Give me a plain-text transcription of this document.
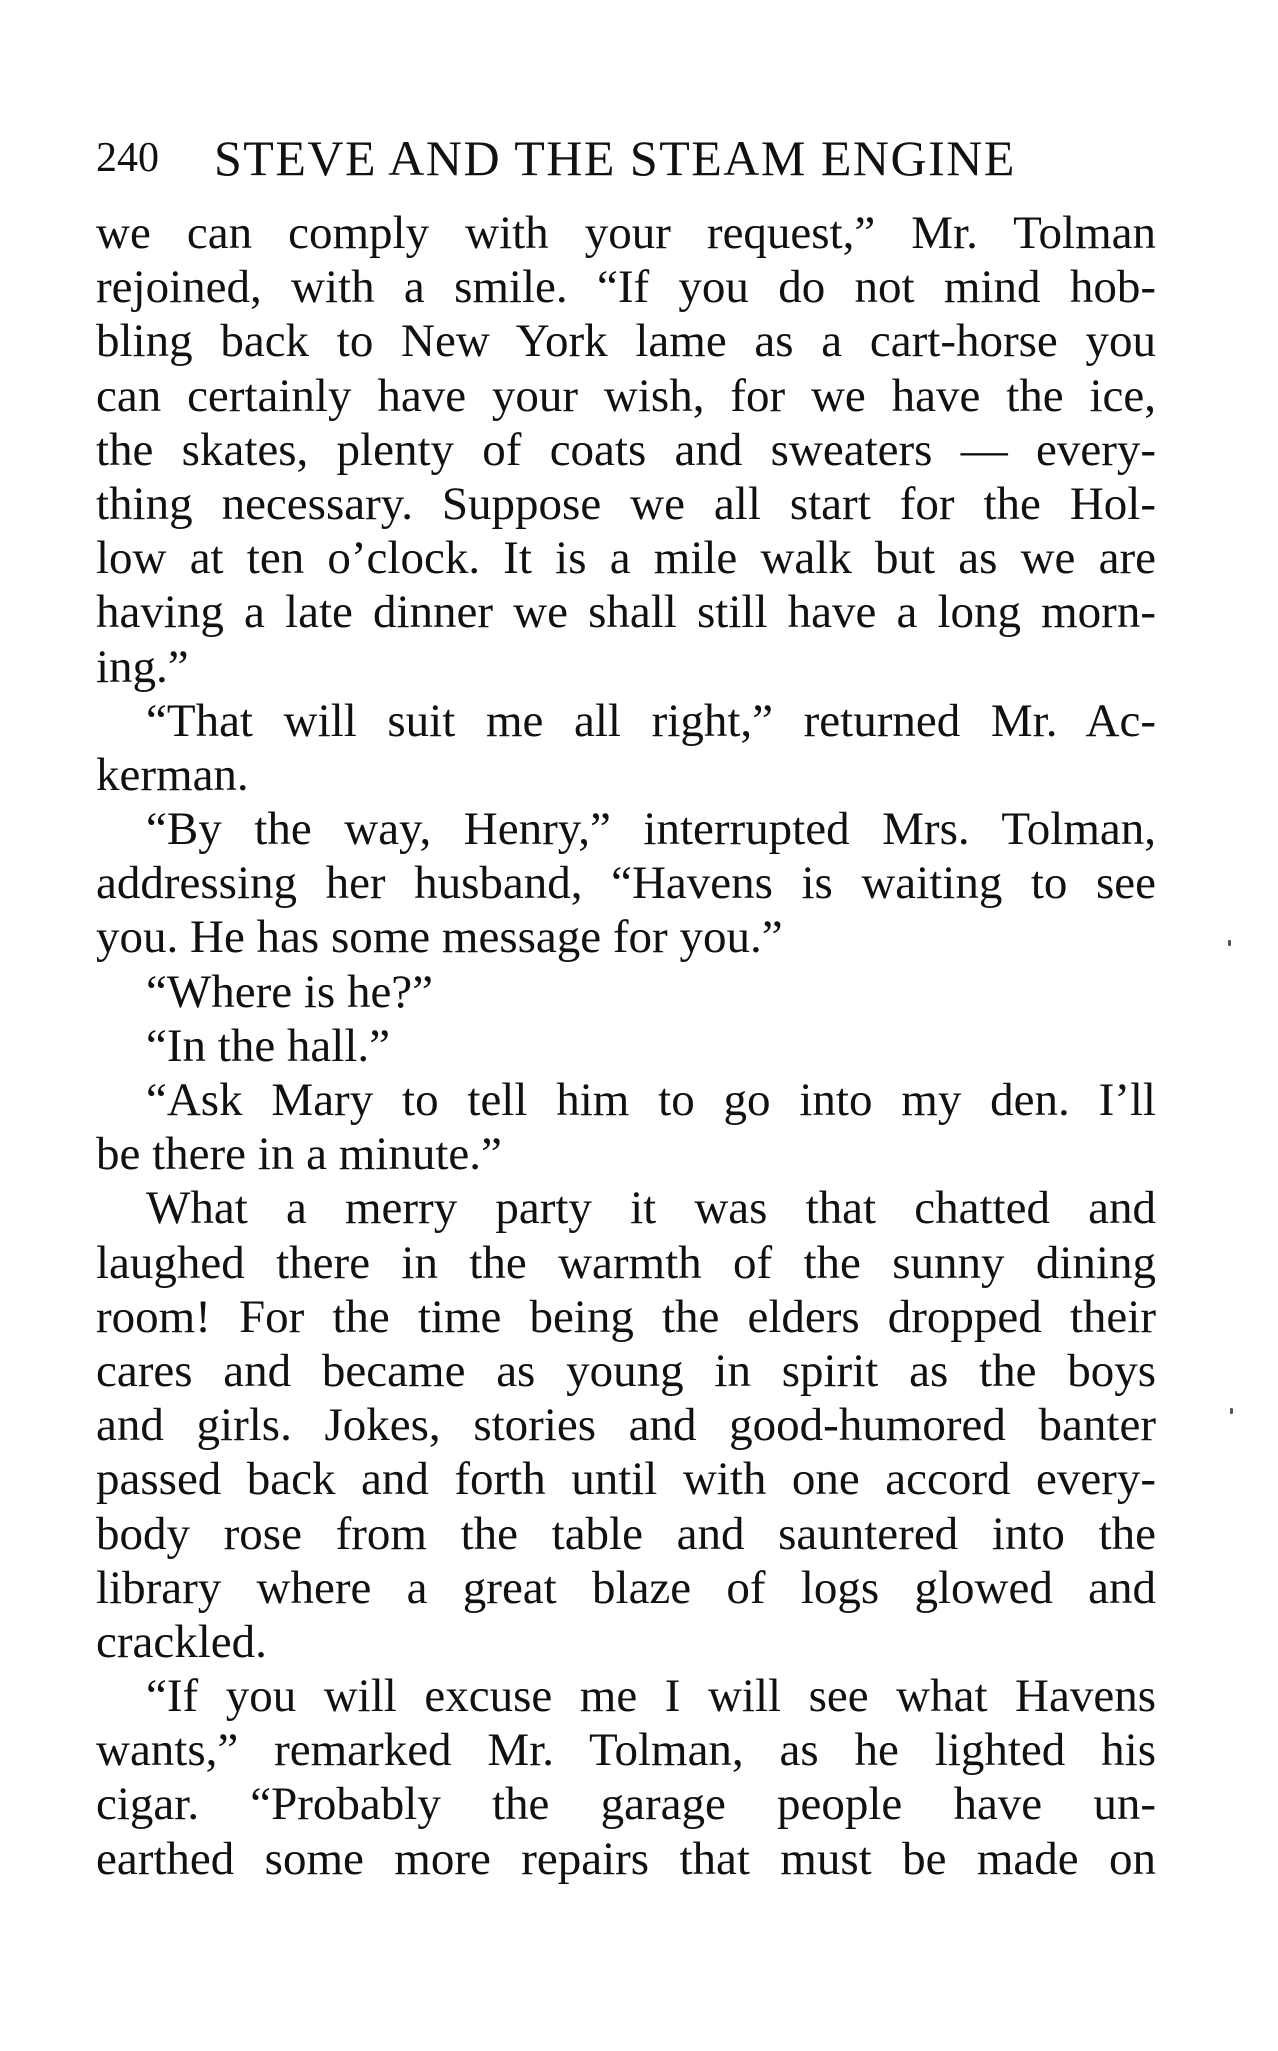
240 STEVE AND THE STEAM ENGINE
we can comply with your request,” Mr. Tolman
rejoined, with a smile. “If you do not mind hob-
bling back to New York lame as a cart-horse you
can certainly have your wish, for we have the ice,
the skates, plenty of coats and sweaters — every-
thing necessary. Suppose we all start for the Hol-
low at ten o’clock. It is a mile walk but as we are
having a late dinner we shall still have a long morn-
ing.”
“That will suit me all right,” returned Mr. Ac-
kerman.
“By the way, Henry,” interrupted Mrs. Tolman,
addressing her husband, “Havens is waiting to see
you. He has some message for you.”
“Where is he?”
“In the hall.”
“Ask Mary to tell him to go into my den. I’ll
be there in a minute.”
What a merry party it was that chatted and
laughed there in the warmth of the sunny dining
room! For the time being the elders dropped their
cares and became as young in spirit as the boys
and girls. Jokes, stories and good-humored banter
passed back and forth until with one accord every-
body rose from the table and sauntered into the
library where a great blaze of logs glowed and
crackled.
“If you will excuse me I will see what Havens
wants,” remarked Mr. Tolman, as he lighted his
cigar. “Probably the garage people have un-
earthed some more repairs that must be made on
